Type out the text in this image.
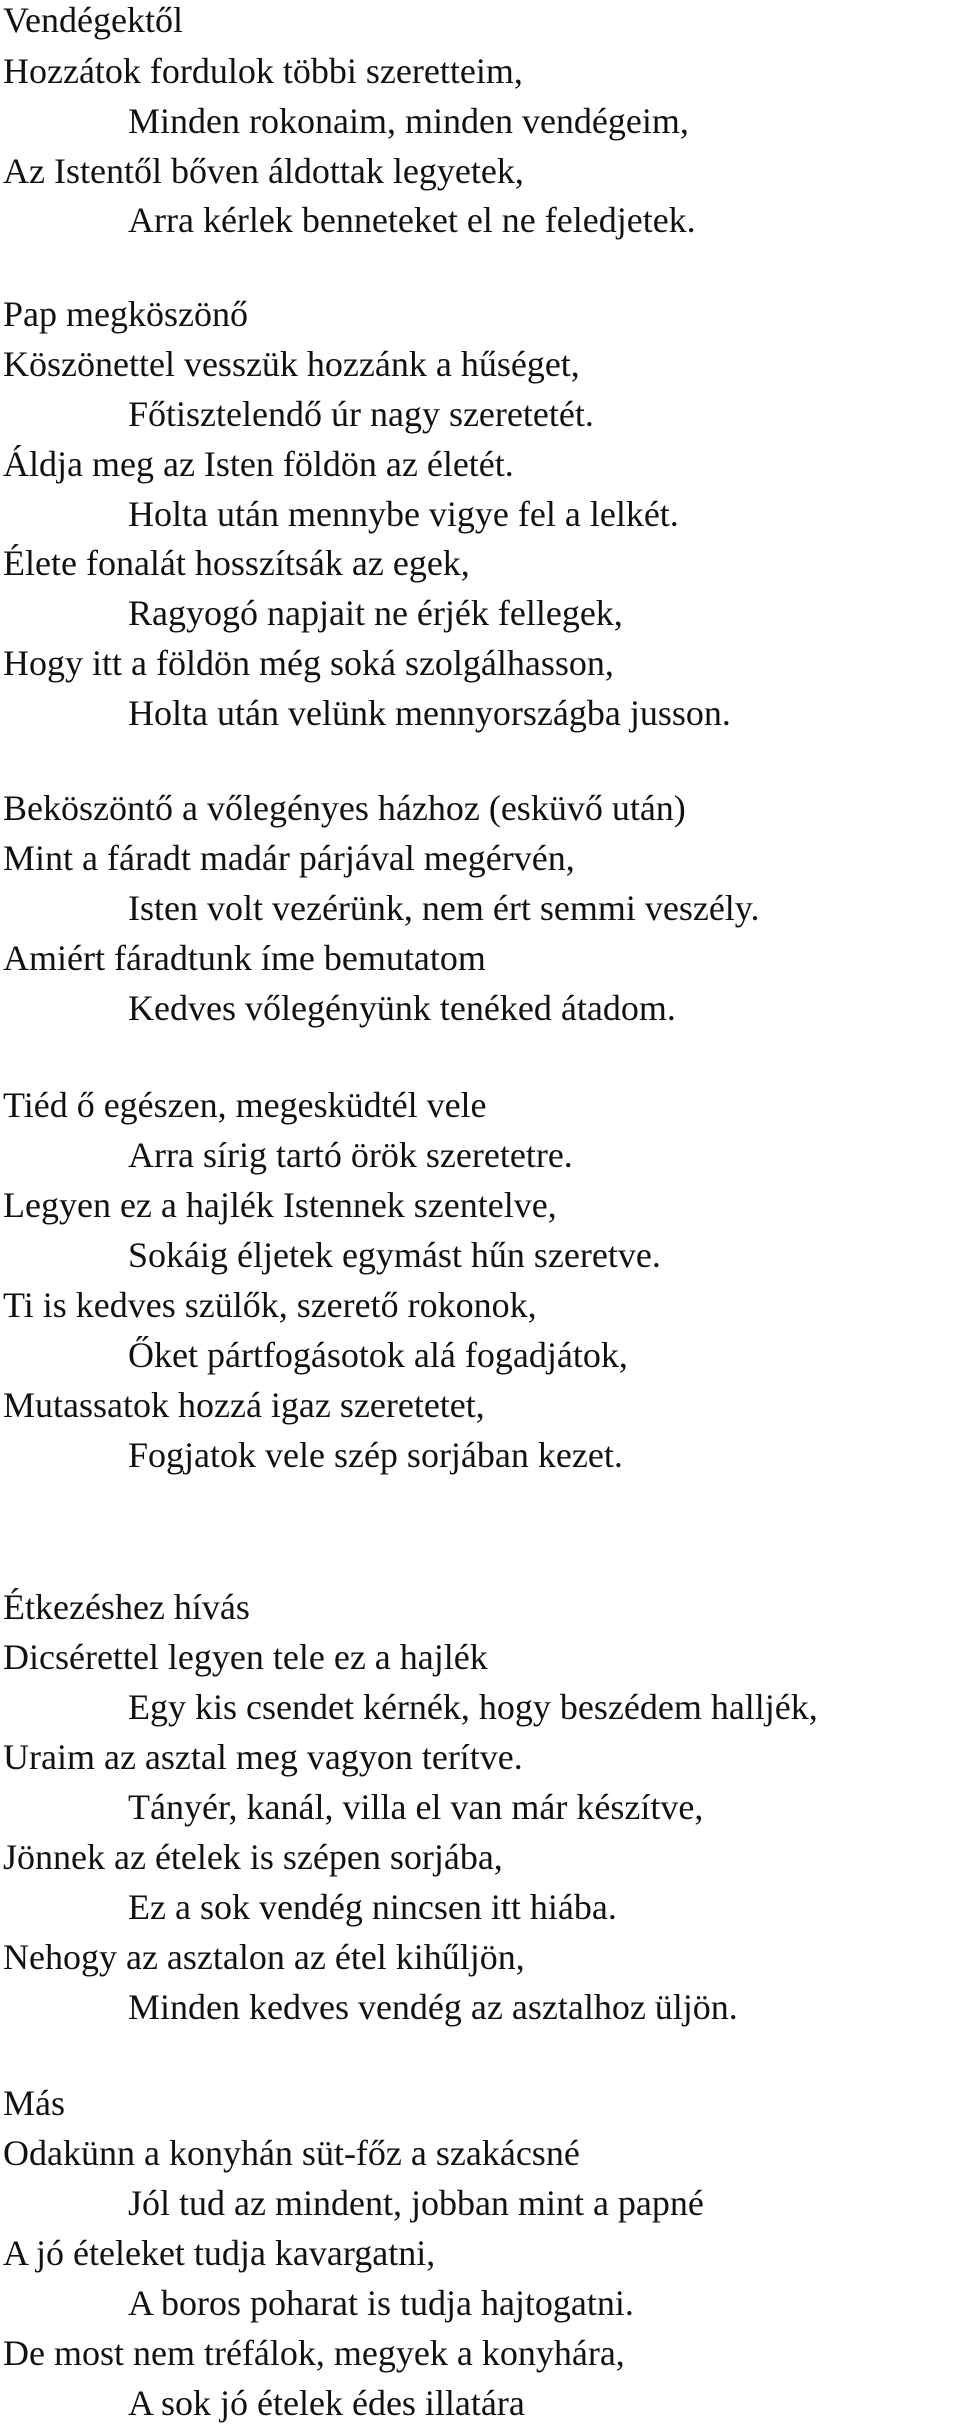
Vendégektől
Hozzátok fordulok többi szeretteim,
Minden rokonaim, minden vendégeim,
Az Istentől bőven áldottak legyetek,
Arra kérlek benneteket el ne feledjetek.
Pap megköszönő
Köszönettel vesszük hozzánk a hűséget,
Főtisztelendő úr nagy szeretetét.
Áldja meg az Isten földön az életét.
Holta után mennybe vigye fel a lelkét.
Élete fonalát hosszítsák az egek,
Ragyogó napjait ne érjék fellegek,
Hogy itt a földön még soká szolgálhasson,
Holta után velünk mennyországba jusson.
Beköszöntő a vőlegényes házhoz (esküvő után)
Mint a fáradt madár párjával megérvén,
Isten volt vezérünk, nem ért semmi veszély.
Amiért fáradtunk íme bemutatom
Kedves vőlegényünk tenéked átadom.
Tiéd ő egészen, megesküdtél vele
Arra sírig tartó örök szeretetre.
Legyen ez a hajlék Istennek szentelve,
Sokáig éljetek egymást hűn szeretve.
Ti is kedves szülők, szerető rokonok,
Őket pártfogásotok alá fogadjátok,
Mutassatok hozzá igaz szeretetet,
Fogjatok vele szép sorjában kezet.
Étkezéshez hívás
Dicsérettel legyen tele ez a hajlék
Egy kis csendet kérnék, hogy beszédem halljék,
Uraim az asztal meg vagyon terítve.
Tányér, kanál, villa el van már készítve,
Jönnek az ételek is szépen sorjába,
Ez a sok vendég nincsen itt hiába.
Nehogy az asztalon az étel kihűljön,
Minden kedves vendég az asztalhoz üljön.
Más
Odakünn a konyhán süt-főz a szakácsné
Jól tud az mindent, jobban mint a papné
A jó ételeket tudja kavargatni,
A boros poharat is tudja hajtogatni.
De most nem tréfálok, megyek a konyhára,
A sok jó ételek édes illatára
